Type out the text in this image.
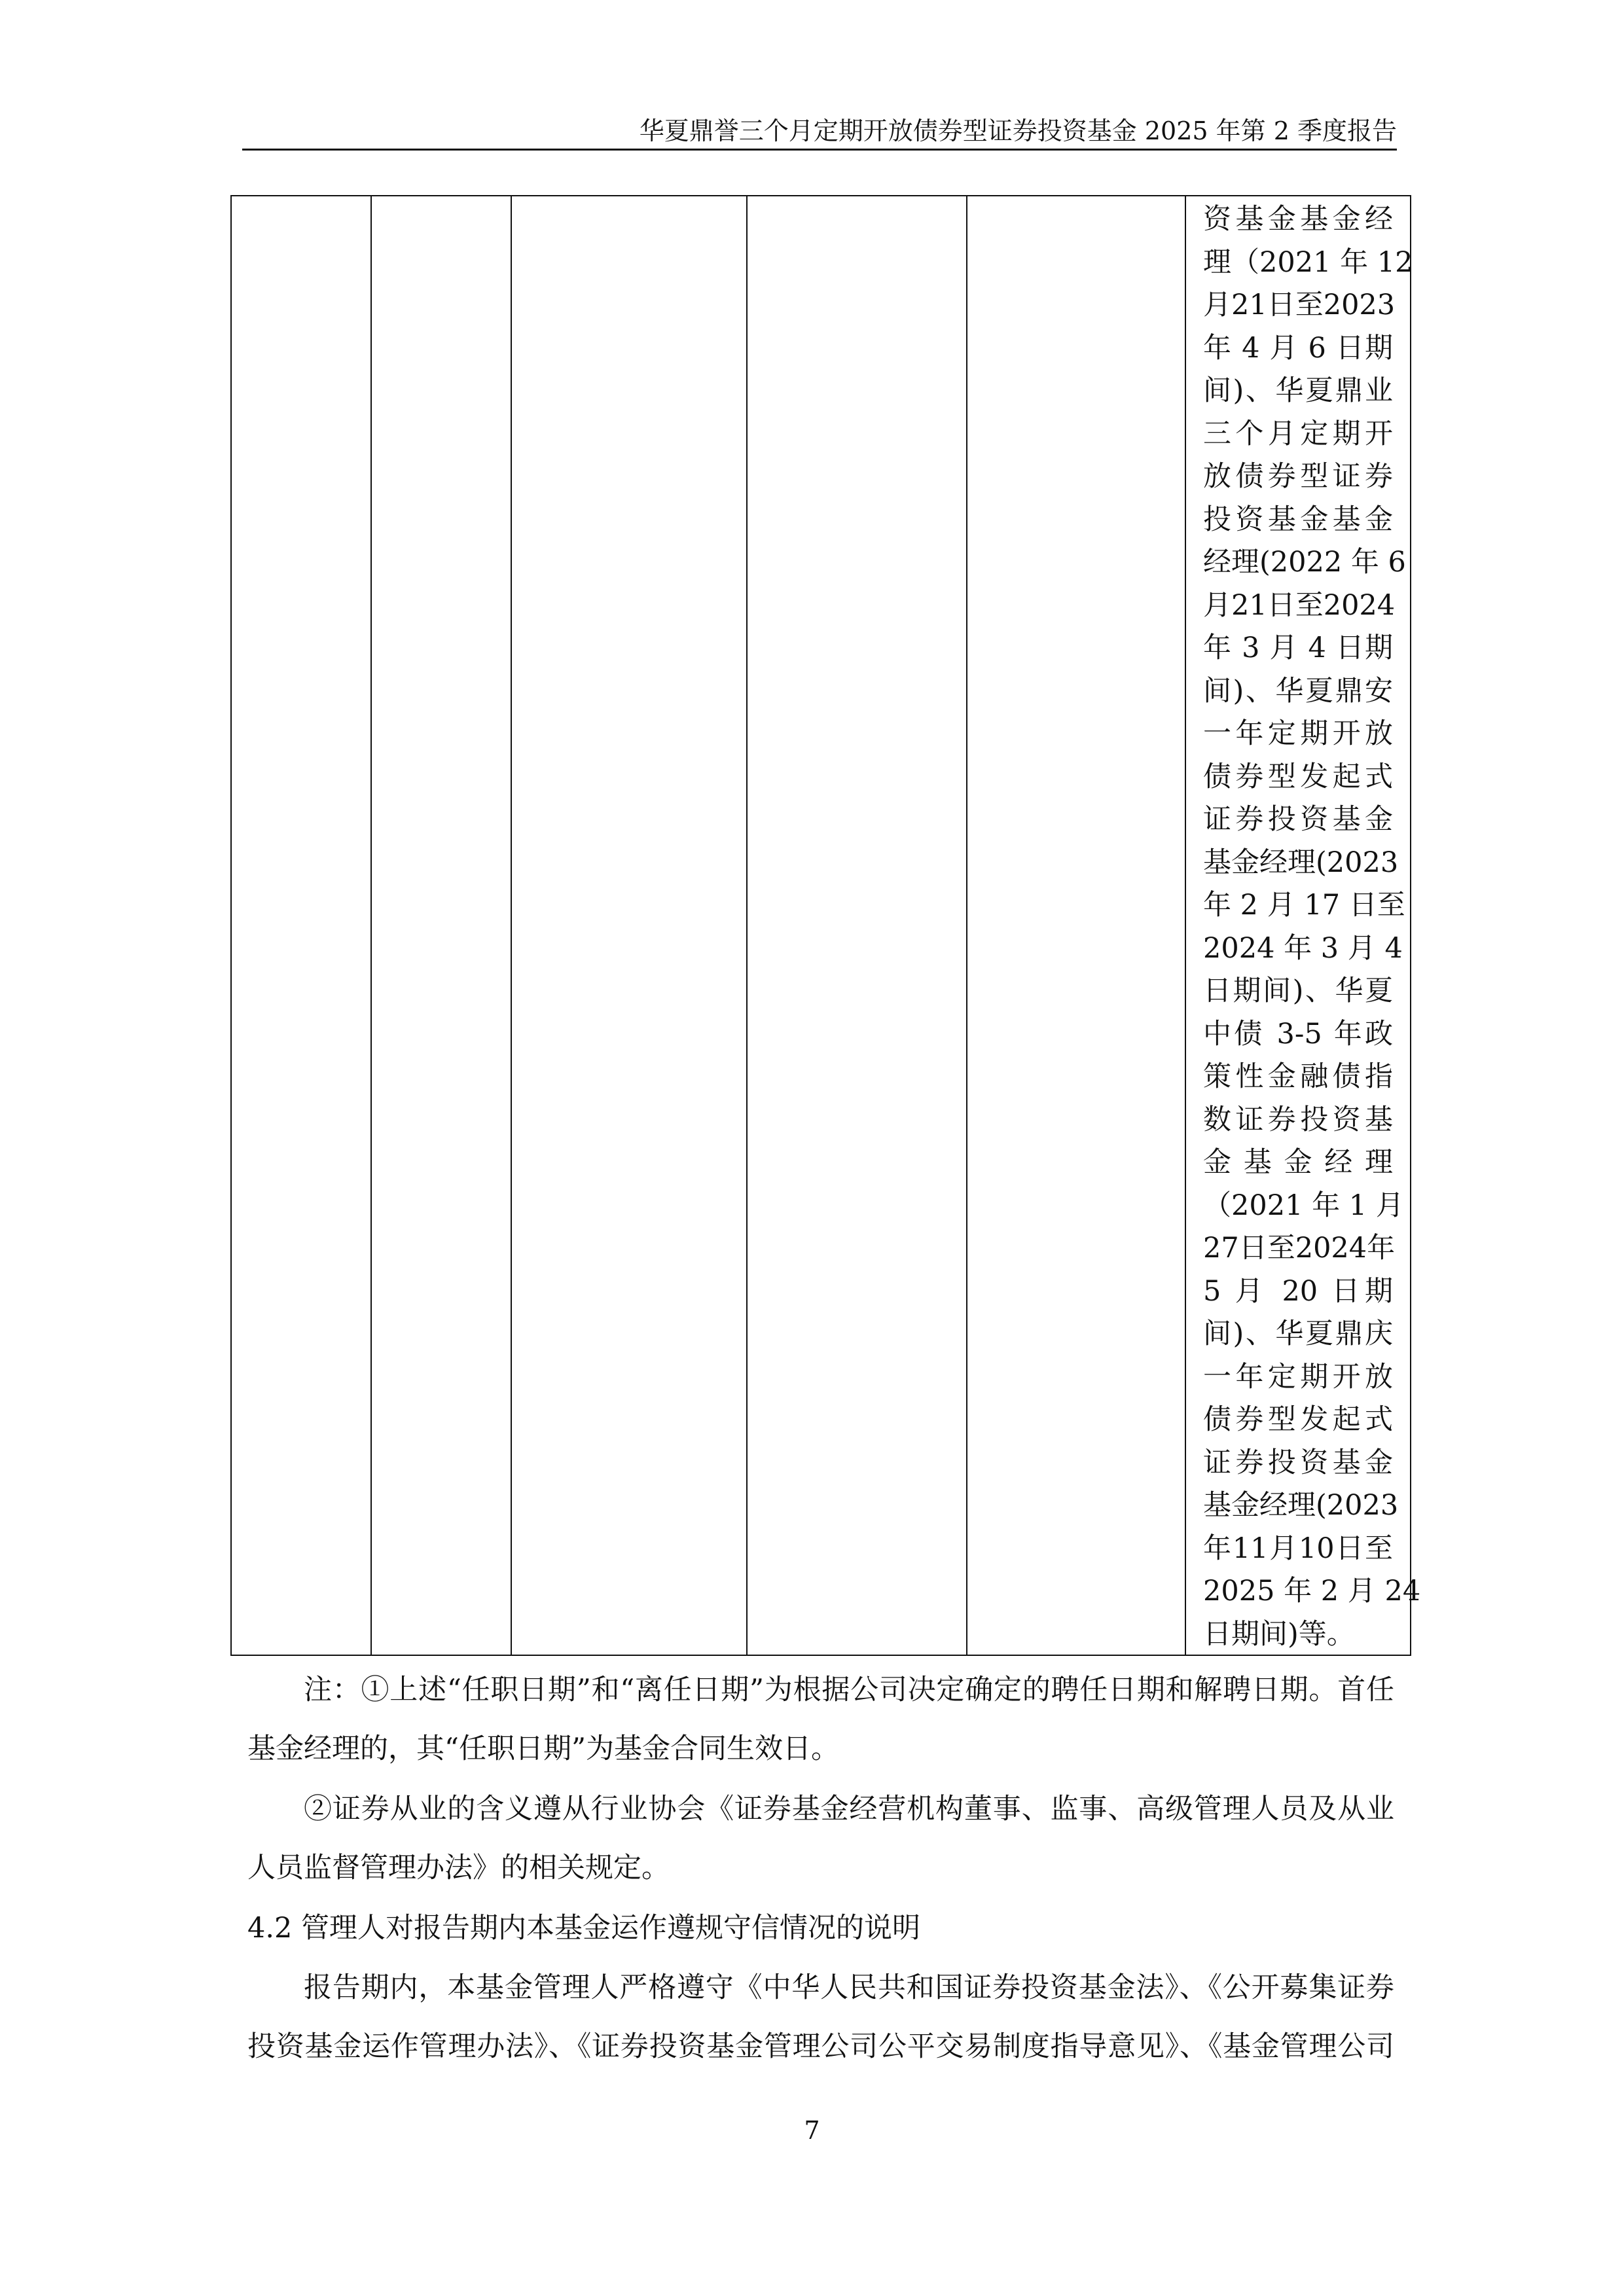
华夏鼎誉三个月定期开放债券型证券投资基金 2025 年第 2 季度报告
资基金基金经
理（2021 年 12
月21日至2023
年 4 月 6 日期
间)、华夏鼎业
三个月定期开
放债券型证券
投资基金基金
经理(2022 年 6
月21日至2024
年 3 月 4 日期
间)、华夏鼎安
一年定期开放
债券型发起式
证券投资基金
基金经理(2023
年 2 月 17 日至
2024 年 3 月 4
日期间)、华夏
中债 3-5 年政
策性金融债指
数证券投资基
金 基 金 经 理
（2021 年 1 月
27日至2024年
5 月 20 日期
间)、华夏鼎庆
一年定期开放
债券型发起式
证券投资基金
基金经理(2023
年11月10日至
2025 年 2 月 24
日期间)等。
注：①上述“任职日期”和“离任日期”为根据公司决定确定的聘任日期和解聘日期。首任
基金经理的，其“任职日期”为基金合同生效日。
②证券从业的含义遵从行业协会《证券基金经营机构董事、监事、高级管理人员及从业
人员监督管理办法》的相关规定。
4.2 管理人对报告期内本基金运作遵规守信情况的说明
报告期内，本基金管理人严格遵守《中华人民共和国证券投资基金法》、《公开募集证券
投资基金运作管理办法》、《证券投资基金管理公司公平交易制度指导意见》、《基金管理公司
7
